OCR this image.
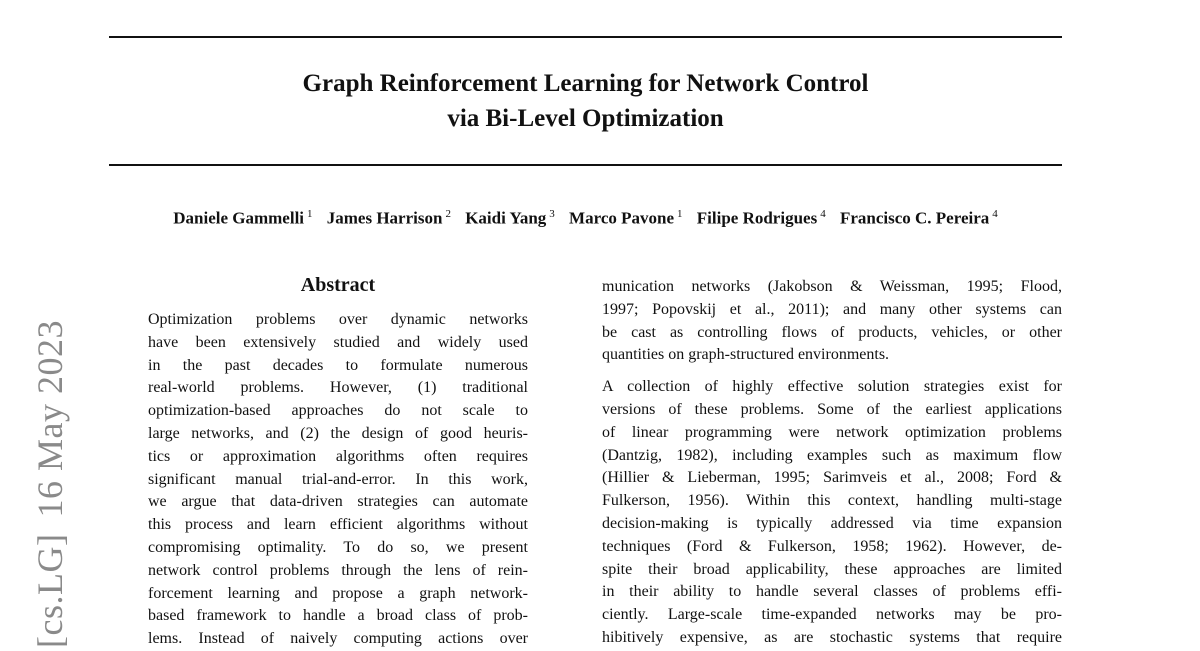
Graph Reinforcement Learning for Network Control
via Bi-Level Optimization
Daniele Gammelli $^1$ James Harrison $^2$ Kaidi Yang $^3$ Marco Pavone $^1$ Filipe Rodrigues $^4$ Francisco C. Pereira $^4$
[cs.LG]16 May 2023
Abstract
Optimization problems over dynamic networks
have been extensively studied and widely used
in the past decades to formulate numerous
real-world problems. However, (1) traditional
optimization-based approaches do not scale to
large networks, and (2) the design of good heuris-
tics or approximation algorithms often requires
significant manual trial-and-error. In this work,
we argue that data-driven strategies can automate
this process and learn efficient algorithms without
compromising optimality. To do so, we present
network control problems through the lens of rein-
forcement learning and propose a graph network-
based framework to handle a broad class of prob-
lems. Instead of naively computing actions over
munication networks (Jakobson & Weissman, 1995; Flood,
1997; Popovskij et al., 2011); and many other systems can
be cast as controlling flows of products, vehicles, or other
quantities on graph-structured environments.
A collection of highly effective solution strategies exist for
versions of these problems. Some of the earliest applications
of linear programming were network optimization problems
(Dantzig, 1982), including examples such as maximum flow
(Hillier & Lieberman, 1995; Sarimveis et al., 2008; Ford &
Fulkerson, 1956). Within this context, handling multi-stage
decision-making is typically addressed via time expansion
techniques (Ford & Fulkerson, 1958; 1962). However, de-
spite their broad applicability, these approaches are limited
in their ability to handle several classes of problems effi-
ciently. Large-scale time-expanded networks may be pro-
hibitively expensive, as are stochastic systems that require
